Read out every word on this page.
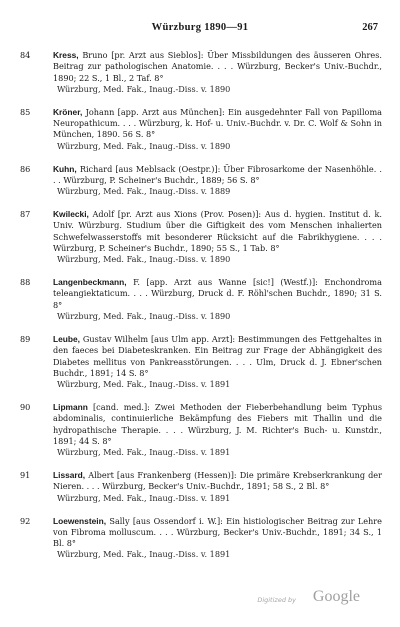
Würzburg 1890—91	267
84	Kress, Bruno [pr. Arzt aus Sieblos]: Über Missbildungen des äusseren Ohres. Beitrag zur pathologischen Anatomie. . . . Würzburg, Becker's Univ.-Buchdr., 1890; 22 S., 1 Bl., 2 Taf. 8°
Würzburg, Med. Fak., Inaug.-Diss. v. 1890
85	Kröner, Johann [app. Arzt aus München]: Ein ausgedehnter Fall von Papilloma Neuropathicum. . . . Würzburg, k. Hof- u. Univ.-Buchdr. v. Dr. C. Wolf & Sohn in München, 1890. 56 S. 8°
Würzburg, Med. Fak., Inaug.-Diss. v. 1890
86	Kuhn, Richard [aus Meblsack (Oestpr.)]: Über Fibrosarkome der Nasenhöhle. . . . Würzburg, P. Scheiner's Buchdr., 1889; 56 S. 8°
Würzburg, Med. Fak., Inaug.-Diss. v. 1889
87	Kwilecki, Adolf [pr. Arzt aus Xions (Prov. Posen)]: Aus d. hygien. Institut d. k. Univ. Würzburg. Studium über die Giftigkeit des vom Menschen inhalierten Schwefelwasserstoffs mit besonderer Rücksicht auf die Fabrikhygiene. . . . Würzburg, P. Scheiner's Buchdr., 1890; 55 S., 1 Tab. 8°
Würzburg, Med. Fak., Inaug.-Diss. v. 1890
88	Langenbeckmann, F. [app. Arzt aus Wanne [sic!] (Westf.)]: Enchondroma teleangiektaticum. . . . Würzburg, Druck d. F. Röhl'schen Buchdr., 1890; 31 S. 8°
Würzburg, Med. Fak., Inaug.-Diss. v. 1890
89	Leube, Gustav Wilhelm [aus Ulm app. Arzt]: Bestimmungen des Fettgehaltes in den faeces bei Diabeteskranken. Ein Beitrag zur Frage der Abhängigkeit des Diabetes mellitus von Pankreasstörungen. . . . Ulm, Druck d. J. Ebner'schen Buchdr., 1891; 14 S. 8°
Würzburg, Med. Fak., Inaug.-Diss. v. 1891
90	Lipmann [cand. med.]: Zwei Methoden der Fieberbehandlung beim Typhus abdominalis, continuierliche Bekämpfung des Fiebers mit Thallin und die hydropathische Therapie. . . . Würzburg, J. M. Richter's Buch- u. Kunstdr., 1891; 44 S. 8°
Würzburg, Med. Fak., Inaug.-Diss. v. 1891
91	Lissard, Albert [aus Frankenberg (Hessen)]: Die primäre Krebserkrankung der Nieren. . . . Würzburg, Becker's Univ.-Buchdr., 1891; 58 S., 2 Bl. 8°
Würzburg, Med. Fak., Inaug.-Diss. v. 1891
92	Loewenstein, Sally [aus Ossendorf i. W.]: Ein histiologischer Beitrag zur Lehre von Fibroma molluscum. . . . Würzburg, Becker's Univ.-Buchdr., 1891; 34 S., 1 Bl. 8°
Würzburg, Med. Fak., Inaug.-Diss. v. 1891
Digitized by Google
